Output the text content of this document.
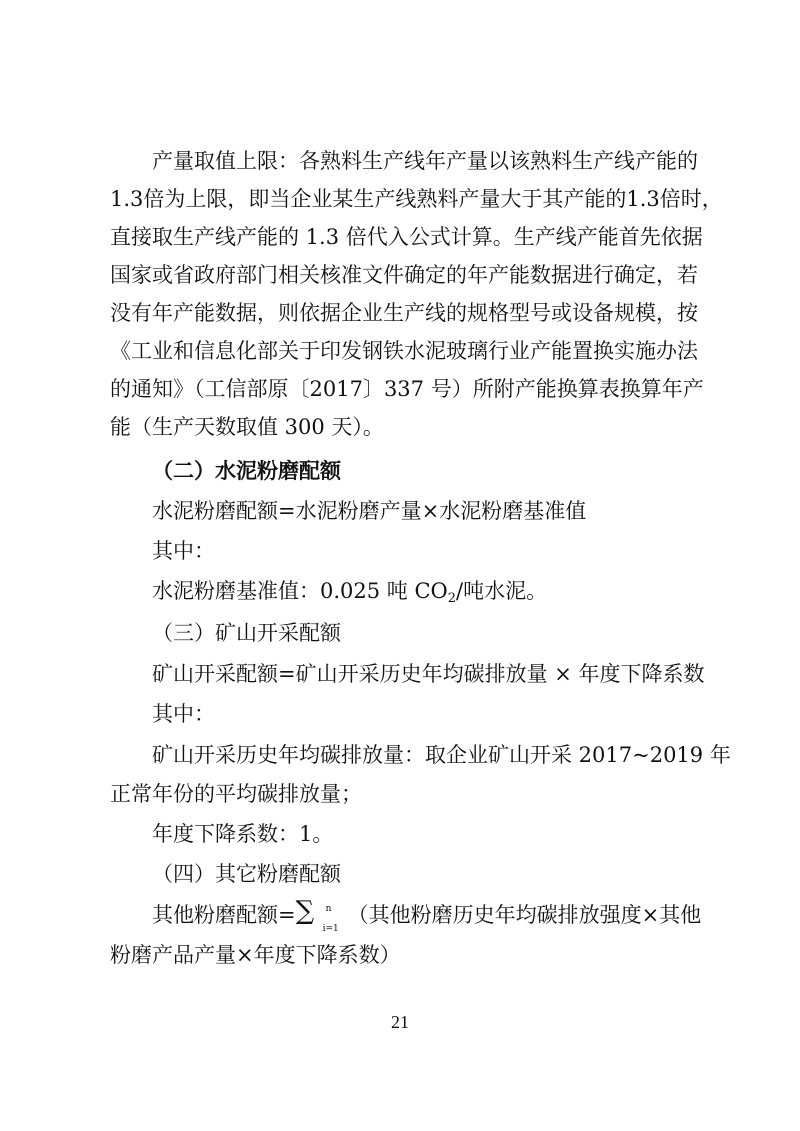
产量取值上限：各熟料生产线年产量以该熟料生产线产能的
1.3倍为上限，即当企业某生产线熟料产量大于其产能的1.3倍时，
直接取生产线产能的 1.3 倍代入公式计算。生产线产能首先依据
国家或省政府部门相关核准文件确定的年产能数据进行确定，若
没有年产能数据，则依据企业生产线的规格型号或设备规模，按
《工业和信息化部关于印发钢铁水泥玻璃行业产能置换实施办法
的通知》（工信部原〔2017〕337 号）所附产能换算表换算年产
能（生产天数取值 300 天）。
（二）水泥粉磨配额
水泥粉磨配额=水泥粉磨产量×水泥粉磨基准值
其中：
水泥粉磨基准值：0.025 吨 $CO_2/$吨水泥。
（三）矿山开采配额
矿山开采配额=矿山开采历史年均碳排放量 × 年度下降系数
其中：
矿山开采历史年均碳排放量：取企业矿山开采 2017~2019 年
正常年份的平均碳排放量；
年度下降系数：1。
（四）其它粉磨配额
其他粉磨配额= ∑ n
i=1
（其他粉磨历史年均碳排放强度×其他
粉磨产品产量×年度下降系数）
21
